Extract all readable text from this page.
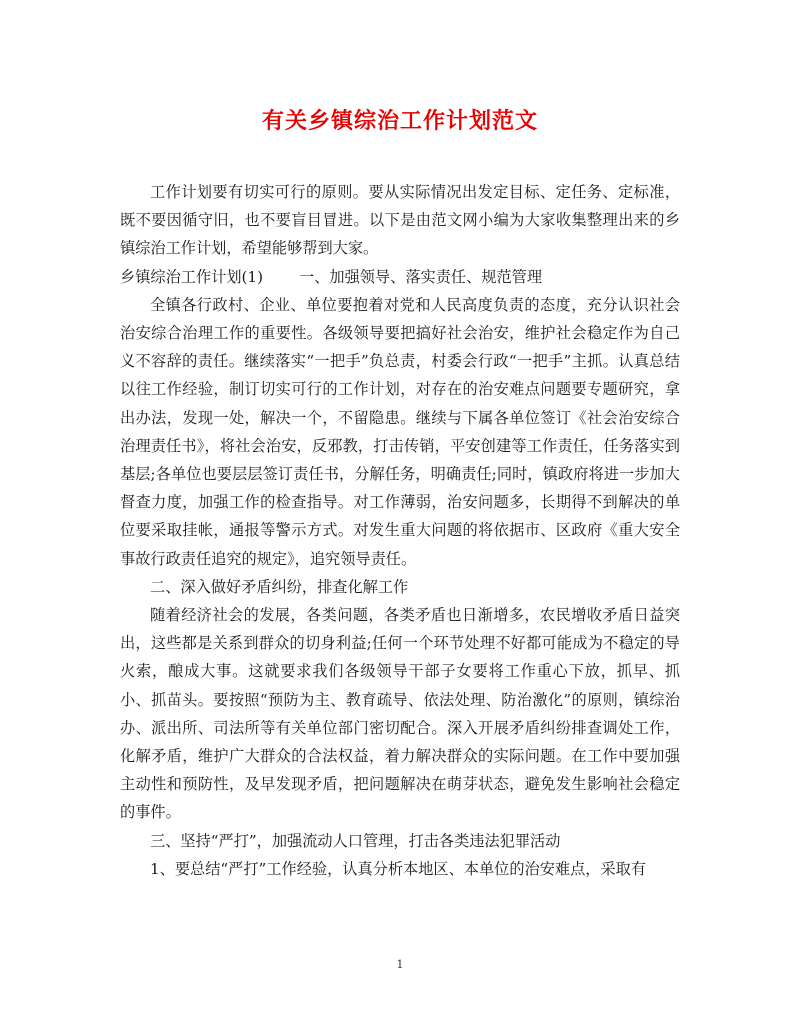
有关乡镇综治工作计划范文

工作计划要有切实可行的原则。要从实际情况出发定目标、定任务、定标准，既不要因循守旧，也不要盲目冒进。以下是由范文网小编为大家收集整理出来的乡镇综治工作计划，希望能够帮到大家。

乡镇综治工作计划(1) 一、加强领导、落实责任、规范管理

全镇各行政村、企业、单位要抱着对党和人民高度负责的态度，充分认识社会治安综合治理工作的重要性。各级领导要把搞好社会治安，维护社会稳定作为自己义不容辞的责任。继续落实“一把手”负总责，村委会行政“一把手”主抓。认真总结以往工作经验，制订切实可行的工作计划，对存在的治安难点问题要专题研究，拿出办法，发现一处，解决一个，不留隐患。继续与下属各单位签订《社会治安综合治理责任书》，将社会治安，反邪教，打击传销，平安创建等工作责任，任务落实到基层;各单位也要层层签订责任书，分解任务，明确责任;同时，镇政府将进一步加大督查力度，加强工作的检查指导。对工作薄弱，治安问题多，长期得不到解决的单位要采取挂帐，通报等警示方式。对发生重大问题的将依据市、区政府《重大安全事故行政责任追究的规定》，追究领导责任。

二、深入做好矛盾纠纷，排查化解工作

随着经济社会的发展，各类问题，各类矛盾也日渐增多，农民增收矛盾日益突出，这些都是关系到群众的切身利益;任何一个环节处理不好都可能成为不稳定的导火索，酿成大事。这就要求我们各级领导干部子女要将工作重心下放，抓早、抓小、抓苗头。要按照“预防为主、教育疏导、依法处理、防治激化”的原则，镇综治办、派出所、司法所等有关单位部门密切配合。深入开展矛盾纠纷排查调处工作，化解矛盾，维护广大群众的合法权益，着力解决群众的实际问题。在工作中要加强主动性和预防性，及早发现矛盾，把问题解决在萌芽状态，避免发生影响社会稳定的事件。

三、坚持“严打”，加强流动人口管理，打击各类违法犯罪活动

1、要总结“严打”工作经验，认真分析本地区、本单位的治安难点，采取有

1
